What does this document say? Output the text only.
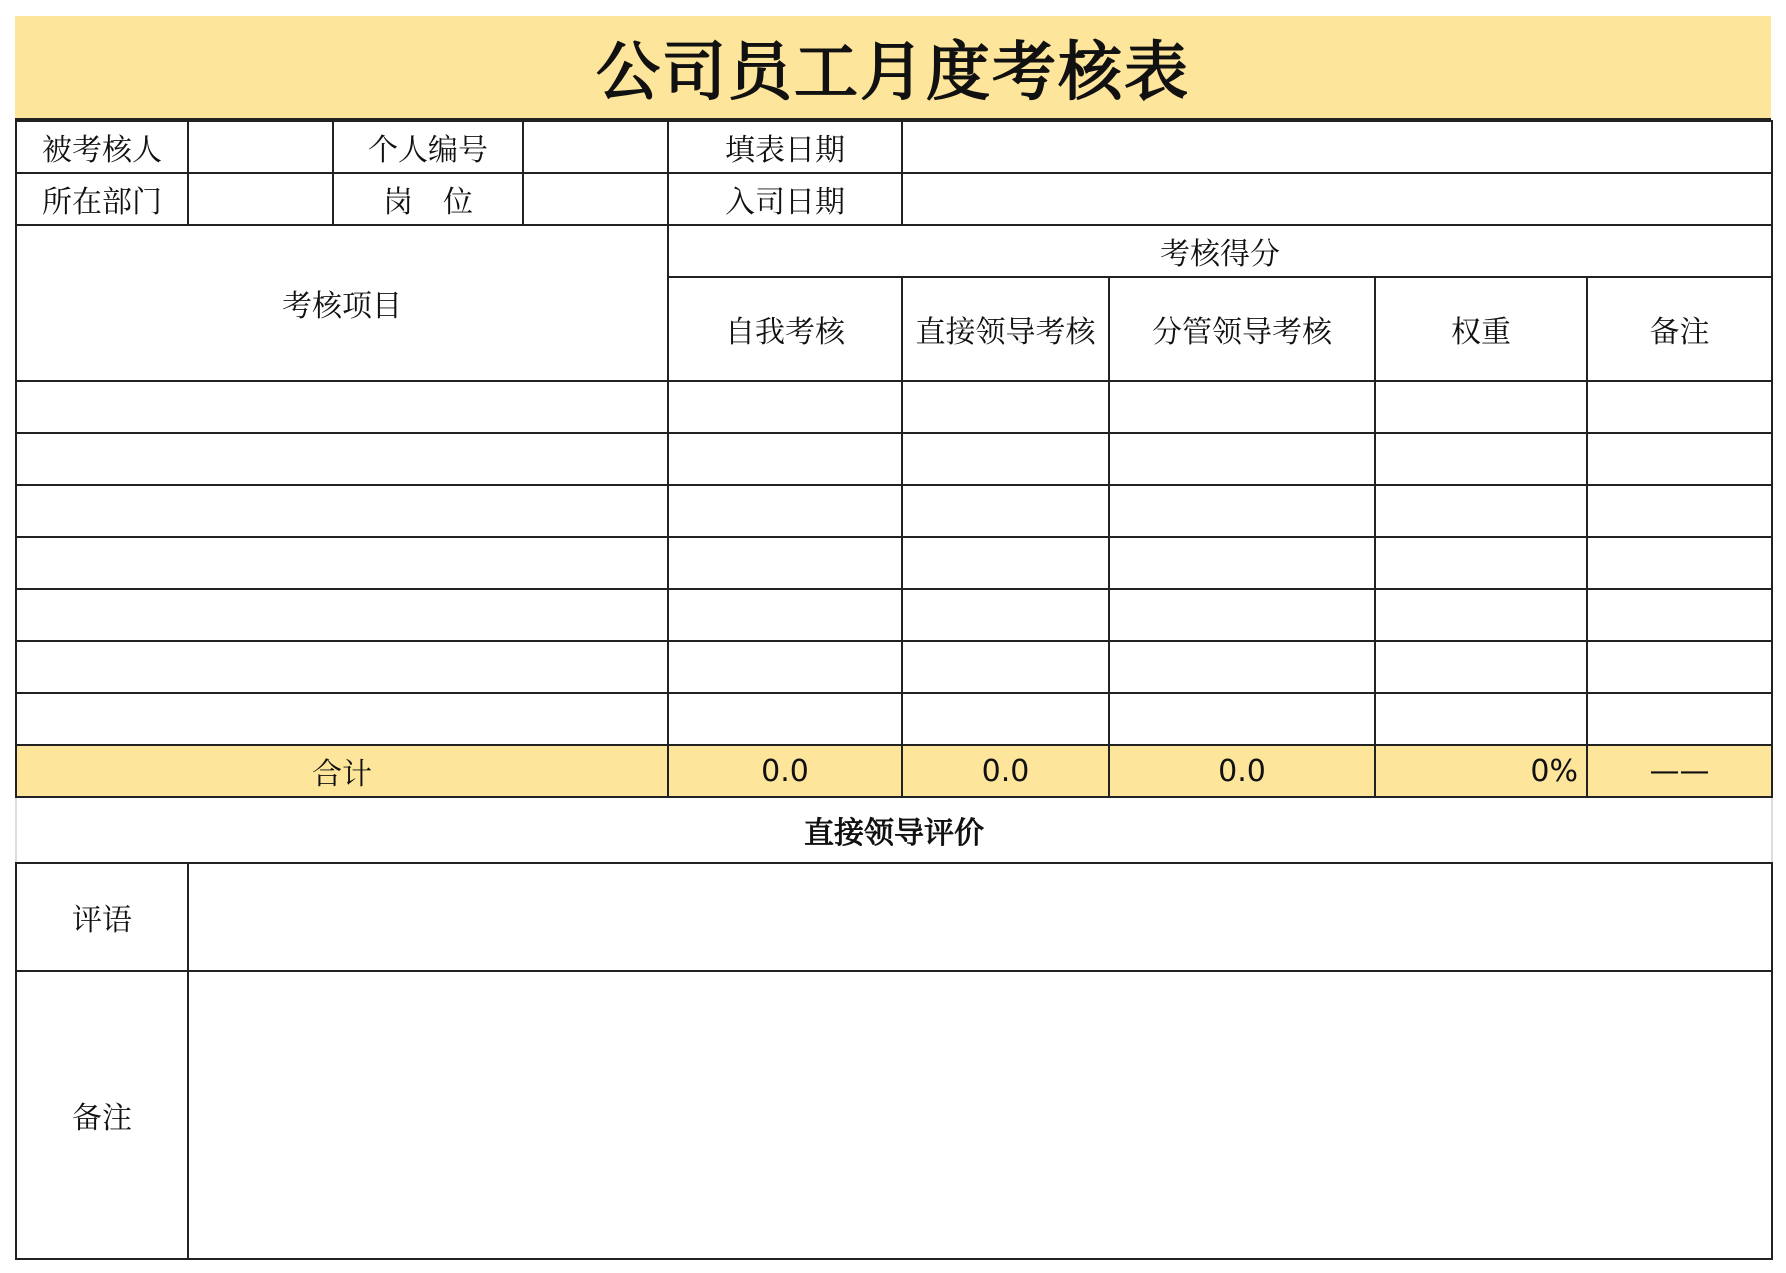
公司员工月度考核表
被考核人		个人编号		填表日期				
所在部门		岗　位		入司日期				
考核项目				考核得分				
				自我考核	直接领导考核	分管领导考核	权重	备注

合计				0.0	0.0	0.0	0%	——
直接领导评价								
评语								
备注								
